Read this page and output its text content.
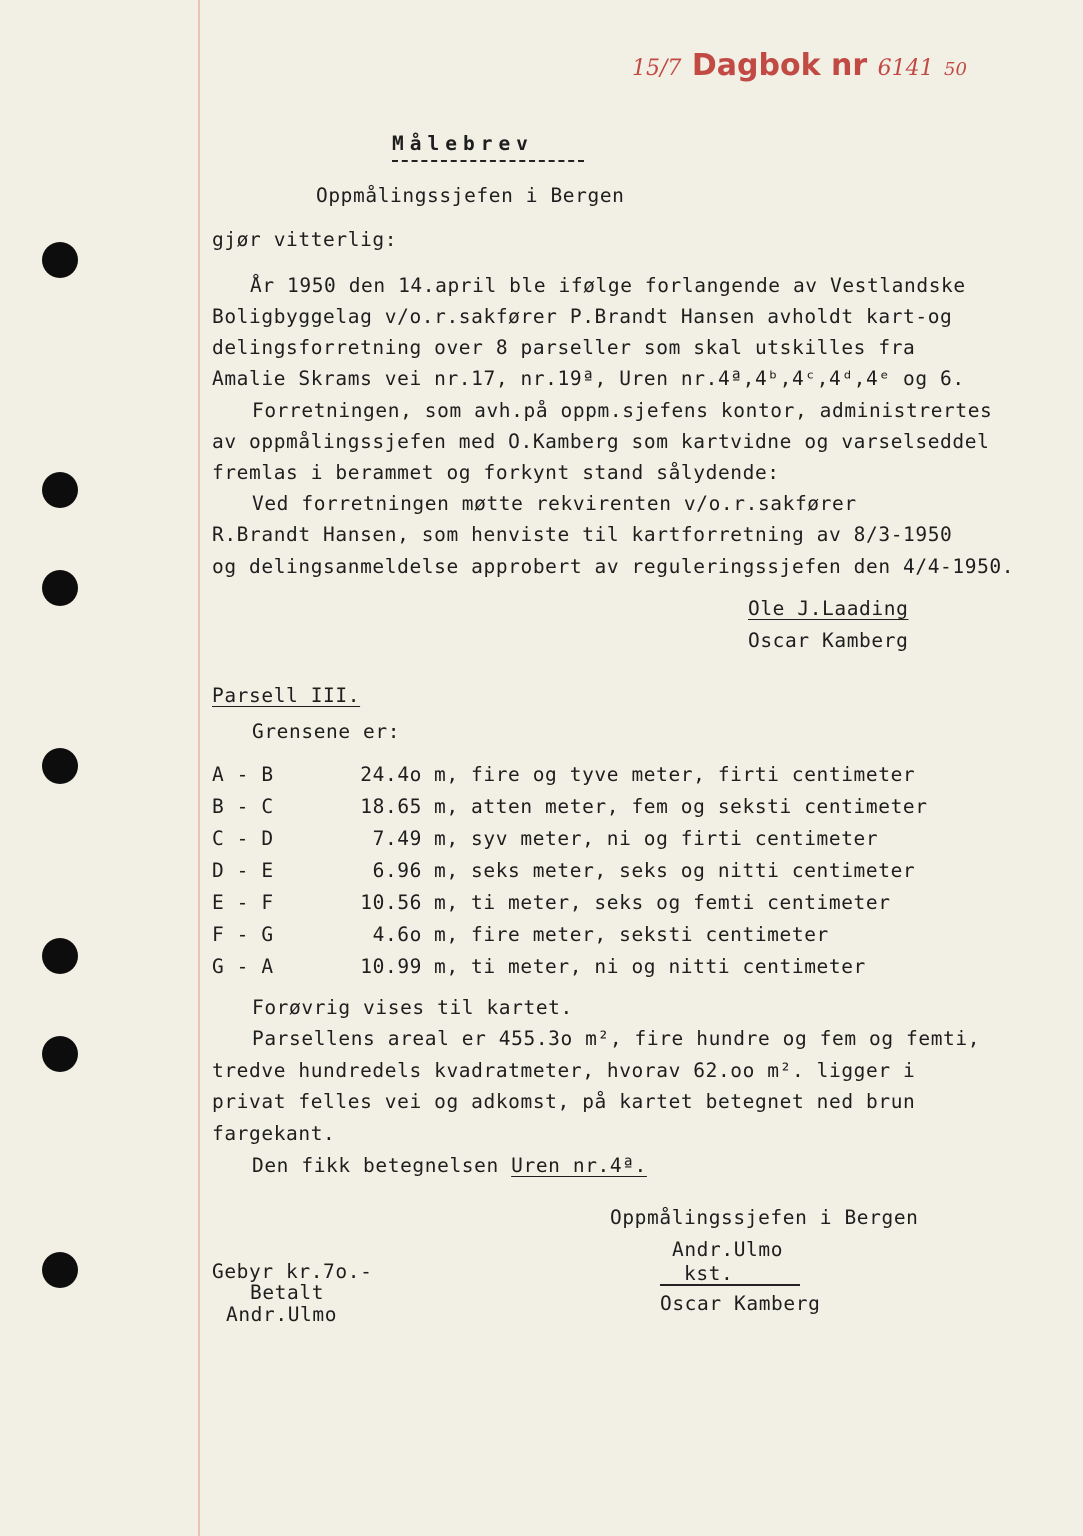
15/7 Dagbok nr 6141 50
Målebrev
Oppmålingssjefen i Bergen
gjør vitterlig:
År 1950 den 14.april ble ifølge forlangende av Vestlandske
Boligbyggelag v/o.r.sakfører P.Brandt Hansen avholdt kart-og
delingsforretning over 8 parseller som skal utskilles fra
Amalie Skrams vei nr.17, nr.19ª, Uren nr.4ª,4ᵇ,4ᶜ,4ᵈ,4ᵉ og 6.
Forretningen, som avh.på oppm.sjefens kontor, administrertes
av oppmålingssjefen med O.Kamberg som kartvidne og varselseddel
fremlas i berammet og forkynt stand sålydende:
Ved forretningen møtte rekvirenten v/o.r.sakfører
R.Brandt Hansen, som henviste til kartforretning av 8/3-1950
og delingsanmeldelse approbert av reguleringssjefen den 4/4-1950.
Ole J.Laading
Oscar Kamberg
Parsell III.
Grensene er:
A - B	24.4o m, fire og tyve meter, firti centimeter
B - C	18.65 m, atten meter, fem og seksti centimeter
C - D	7.49 m, syv meter, ni og firti centimeter
D - E	6.96 m, seks meter, seks og nitti centimeter
E - F	10.56 m, ti meter, seks og femti centimeter
F - G	4.6o m, fire meter, seksti centimeter
G - A	10.99 m, ti meter, ni og nitti centimeter
Forøvrig vises til kartet.
Parsellens areal er 455.3o m², fire hundre og fem og femti,
tredve hundredels kvadratmeter, hvorav 62.oo m². ligger i
privat felles vei og adkomst, på kartet betegnet ned brun
fargekant.
Den fikk betegnelsen Uren nr.4ª.
Oppmålingssjefen i Bergen
Andr.Ulmo
kst.
Oscar Kamberg
Gebyr kr.7o.-
Betalt
Andr.Ulmo
